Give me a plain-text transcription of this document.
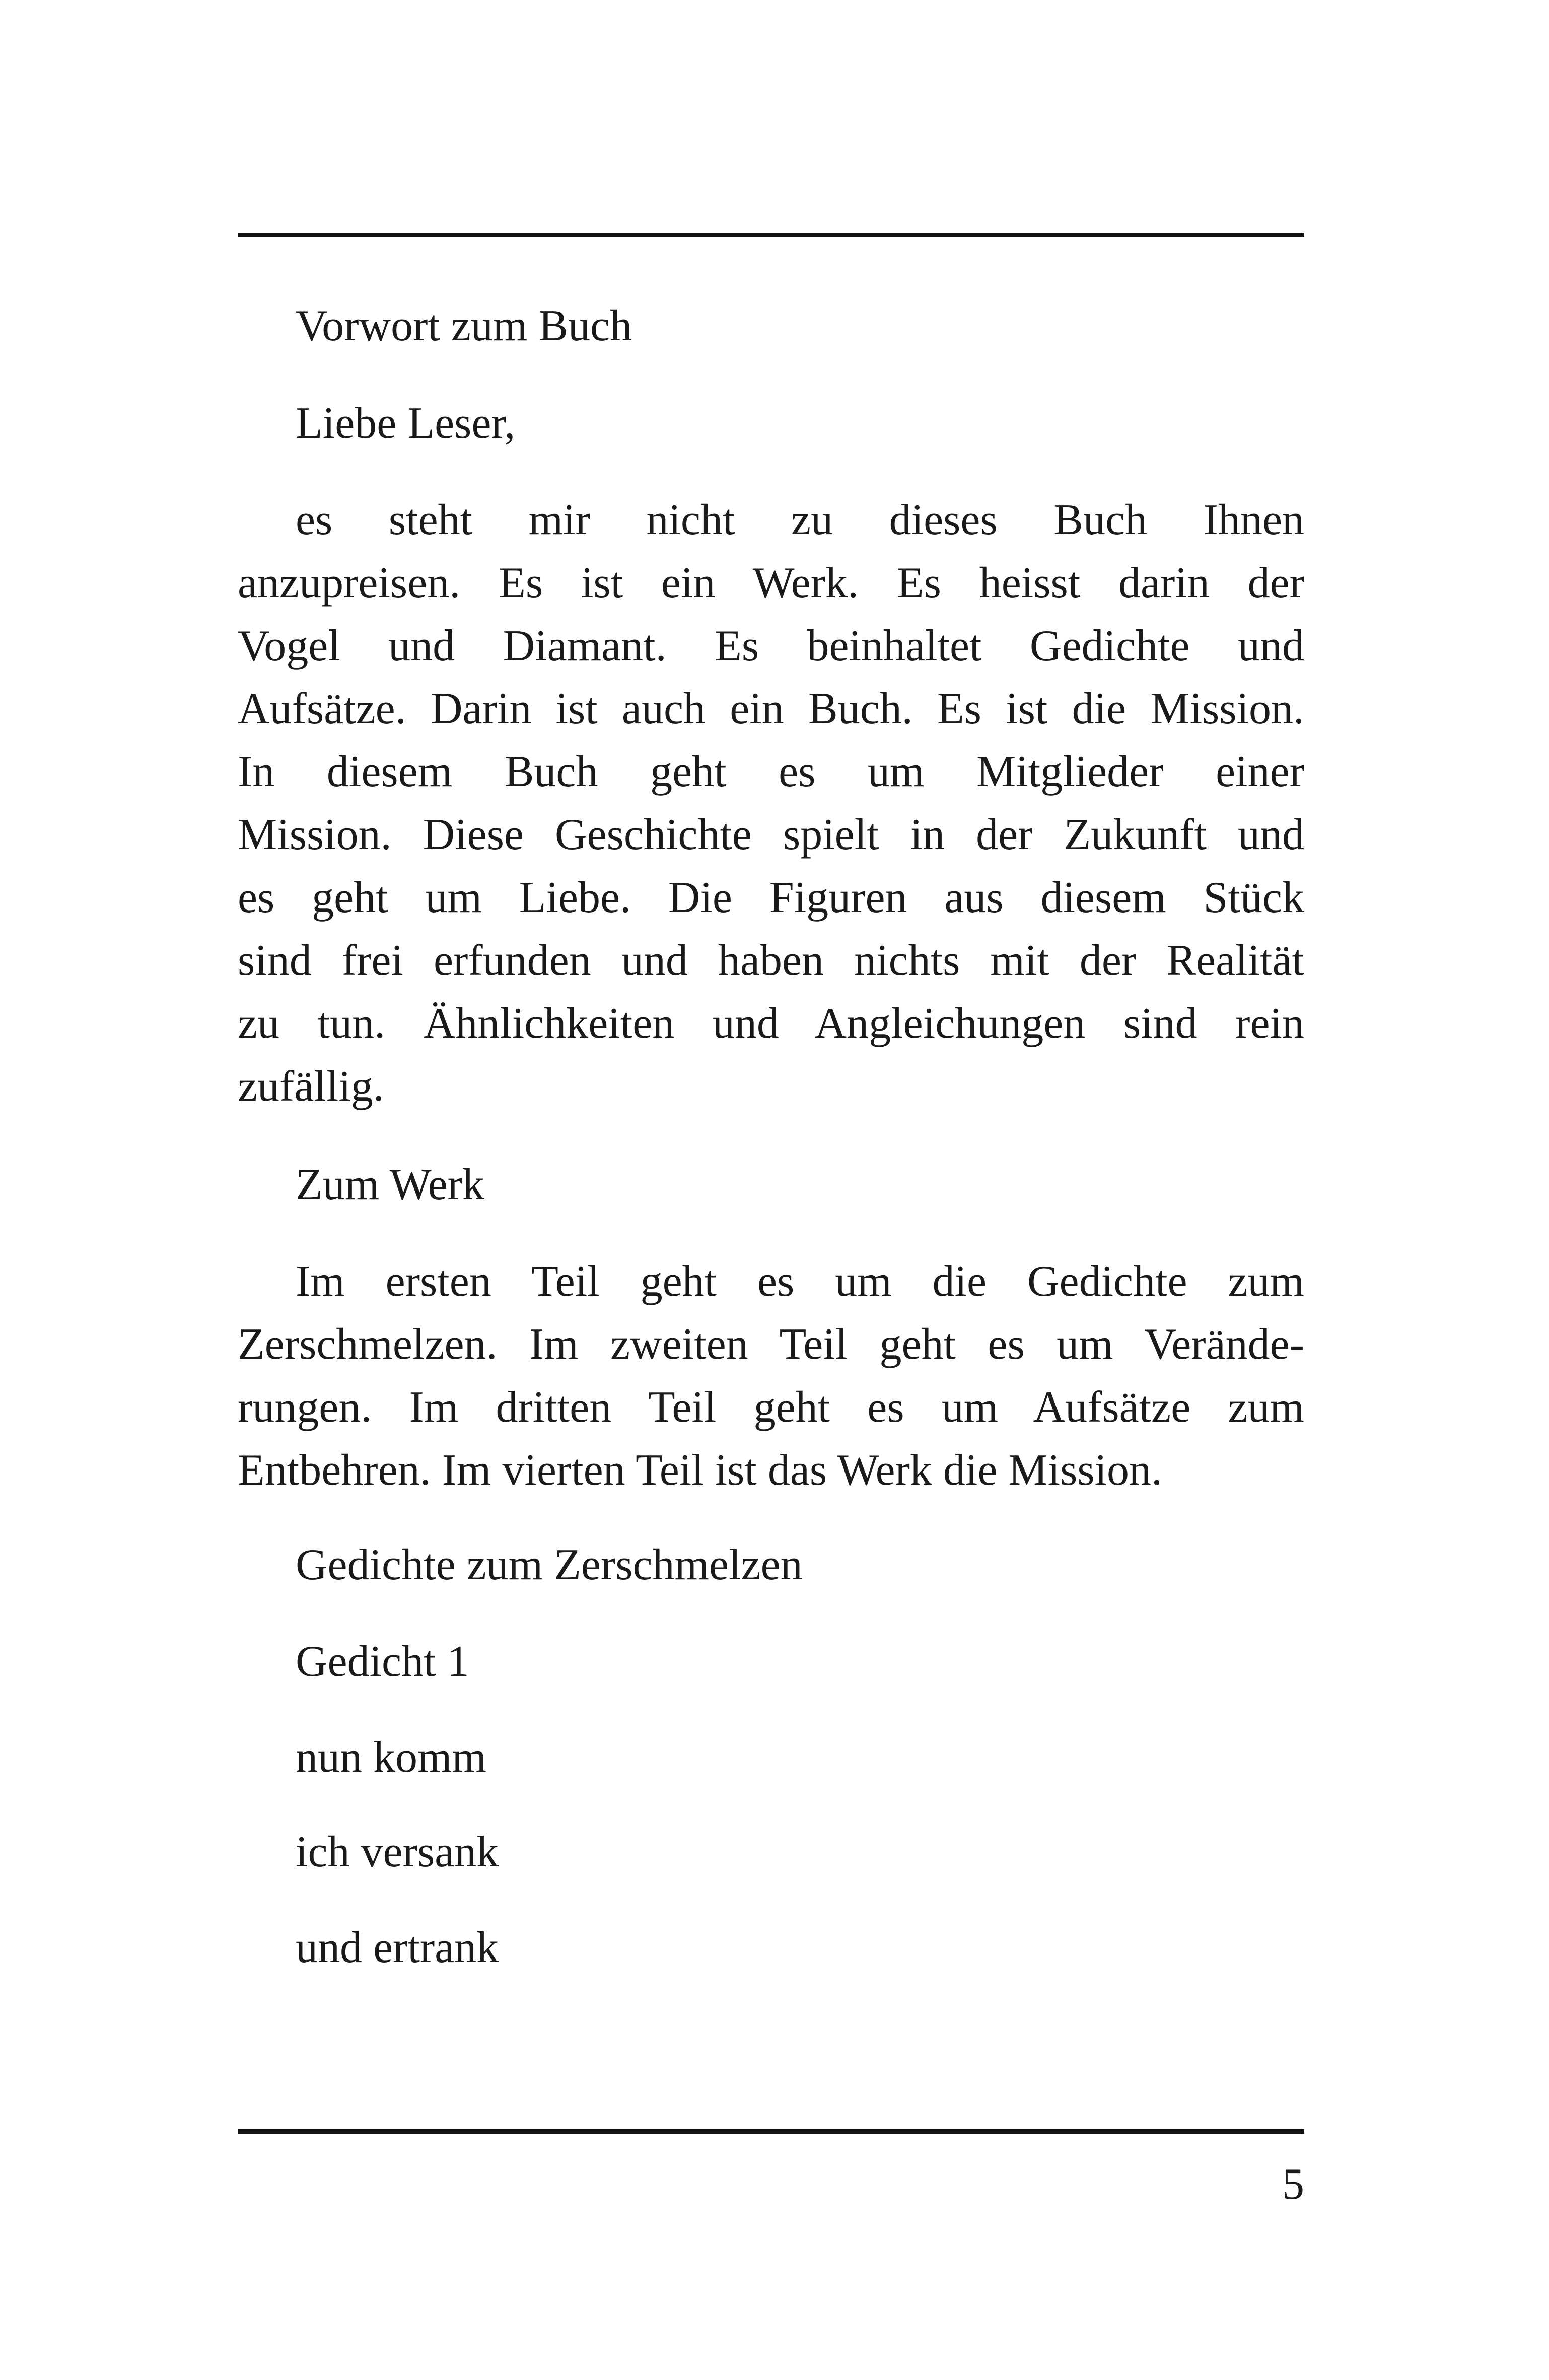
Vorwort zum Buch
Liebe Leser,
es steht mir nicht zu dieses Buch Ihnen
anzupreisen. Es ist ein Werk. Es heisst darin der
Vogel und Diamant. Es beinhaltet Gedichte und
Aufsätze. Darin ist auch ein Buch. Es ist die Mission.
In diesem Buch geht es um Mitglieder einer
Mission. Diese Geschichte spielt in der Zukunft und
es geht um Liebe. Die Figuren aus diesem Stück
sind frei erfunden und haben nichts mit der Realität
zu tun. Ähnlichkeiten und Angleichungen sind rein
zufällig.
Zum Werk
Im ersten Teil geht es um die Gedichte zum
Zerschmelzen. Im zweiten Teil geht es um Verände-
rungen. Im dritten Teil geht es um Aufsätze zum
Entbehren. Im vierten Teil ist das Werk die Mission.
Gedichte zum Zerschmelzen
Gedicht 1
nun komm
ich versank
und ertrank
5
